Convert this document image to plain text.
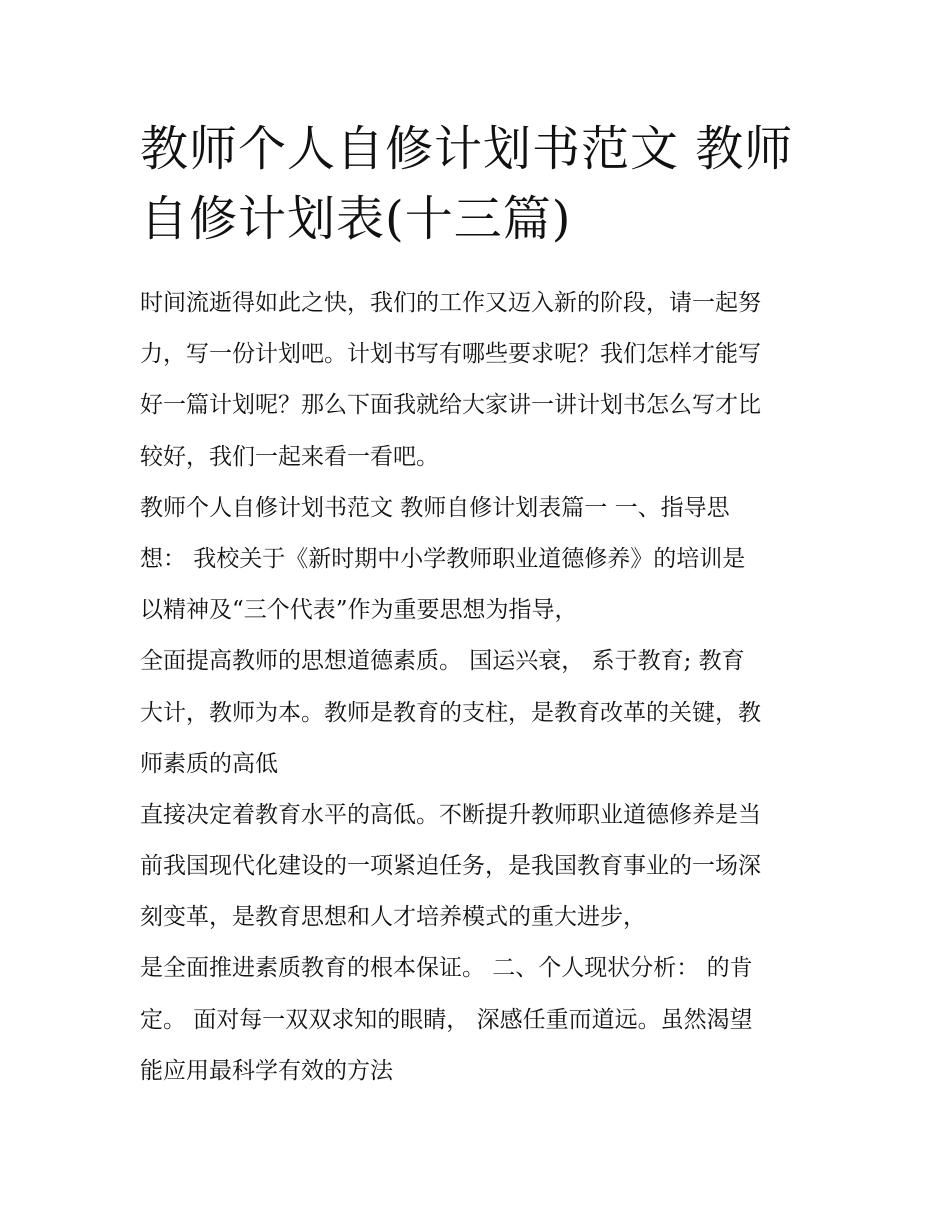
教师个人自修计划书范文 教师
自修计划表(十三篇)

时间流逝得如此之快，我们的工作又迈入新的阶段，请一起努
力，写一份计划吧。计划书写有哪些要求呢？我们怎样才能写
好一篇计划呢？那么下面我就给大家讲一讲计划书怎么写才比
较好，我们一起来看一看吧。

教师个人自修计划书范文 教师自修计划表篇一 一、指导思
想： 我校关于《新时期中小学教师职业道德修养》的培训是
以精神及“三个代表”作为重要思想为指导，

全面提高教师的思想道德素质。 国运兴衰， 系于教育; 教育
大计，教师为本。教师是教育的支柱，是教育改革的关键，教
师素质的高低

直接决定着教育水平的高低。不断提升教师职业道德修养是当
前我国现代化建设的一项紧迫任务，是我国教育事业的一场深
刻变革，是教育思想和人才培养模式的重大进步，

是全面推进素质教育的根本保证。 二、个人现状分析： 的肯
定。 面对每一双双求知的眼睛， 深感任重而道远。虽然渴望
能应用最科学有效的方法
